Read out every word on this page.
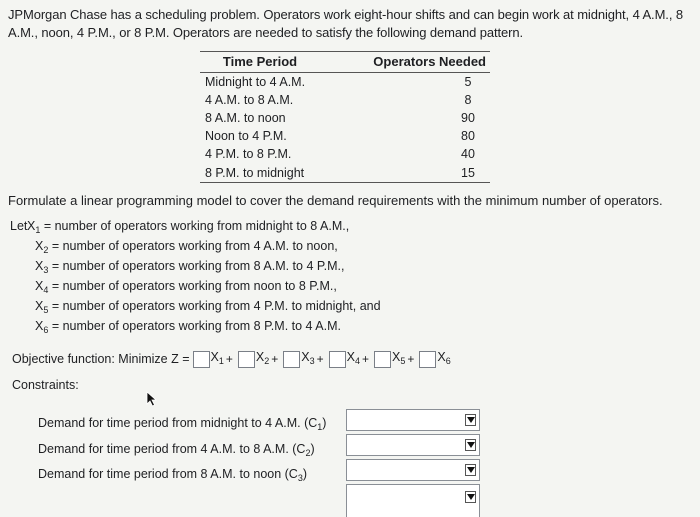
JPMorgan Chase has a scheduling problem. Operators work eight-hour shifts and can begin work at midnight, 4 A.M., 8 A.M., noon, 4 P.M., or 8 P.M. Operators are needed to satisfy the following demand pattern.
Time Period	Operators Needed
Midnight to 4 A.M.	5
4 A.M. to 8 A.M.	8
8 A.M. to noon	90
Noon to 4 P.M.	80
4 P.M. to 8 P.M.	40
8 P.M. to midnight	15
Formulate a linear programming model to cover the demand requirements with the minimum number of operators.
Let $X_1$ = number of operators working from midnight to 8 A.M.,
$X_2$ = number of operators working from 4 A.M. to noon,
$X_3$ = number of operators working from 8 A.M. to 4 P.M.,
$X_4$ = number of operators working from noon to 8 P.M.,
$X_5$ = number of operators working from 4 P.M. to midnight, and
$X_6$ = number of operators working from 8 P.M. to 4 A.M.
Objective function: Minimize $Z = X_1 + X_2 + X_3 + X_4 + X_5 + X_6$
Constraints:
Demand for time period from midnight to 4 A.M. $(C_1)$
Demand for time period from 4 A.M. to 8 A.M. $(C_2)$
Demand for time period from 8 A.M. to noon $(C_3)$
